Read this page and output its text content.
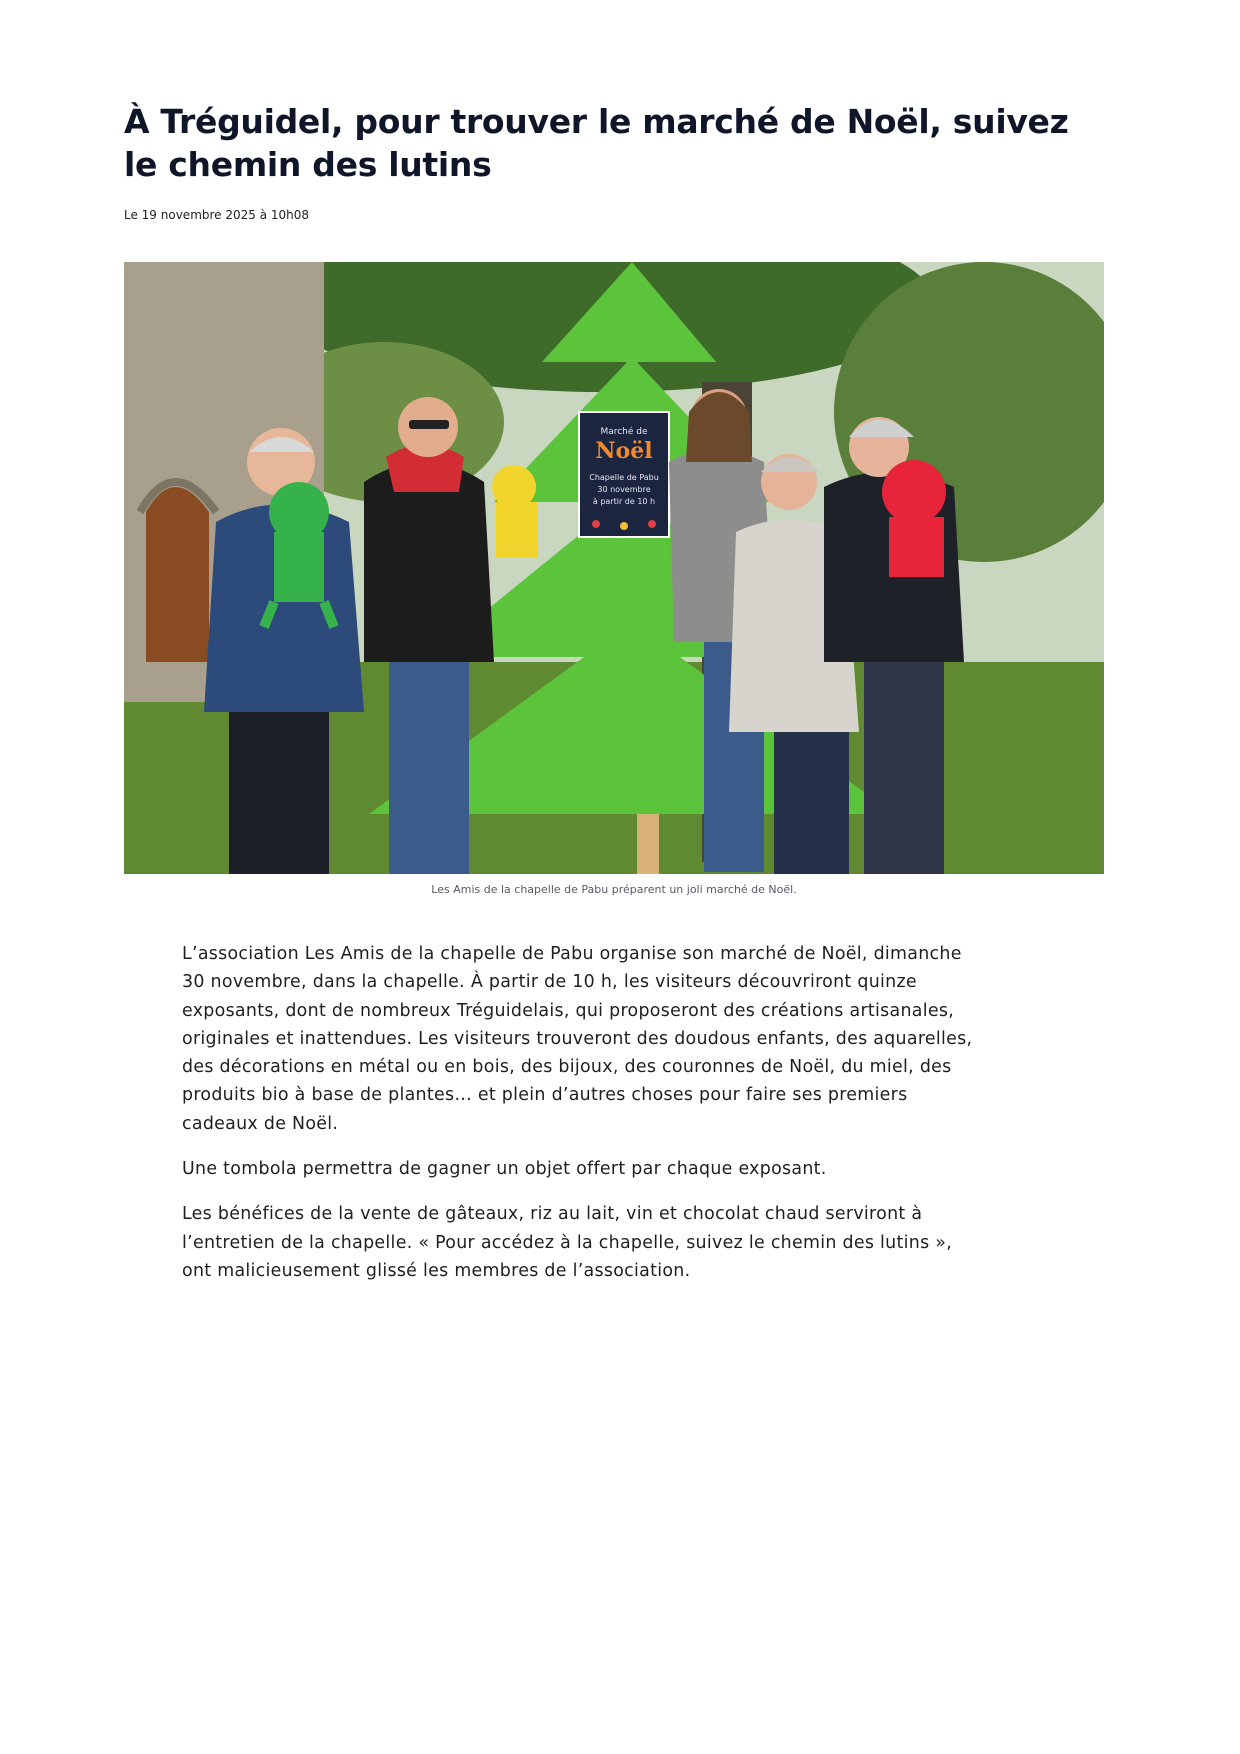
À Tréguidel, pour trouver le marché de Noël, suivez le chemin des lutins
Le 19 novembre 2025 à 10h08
Marché de
Noël
Chapelle de Pabu
30 novembre
à partir de 10 h
Les Amis de la chapelle de Pabu préparent un joli marché de Noël.

L’association Les Amis de la chapelle de Pabu organise son marché de Noël, dimanche 30 novembre, dans la chapelle. À partir de 10 h, les visiteurs découvriront quinze exposants, dont de nombreux Tréguidelais, qui proposeront des créations artisanales, originales et inattendues. Les visiteurs trouveront des doudous enfants, des aquarelles, des décorations en métal ou en bois, des bijoux, des couronnes de Noël, du miel, des produits bio à base de plantes… et plein d’autres choses pour faire ses premiers cadeaux de Noël.

Une tombola permettra de gagner un objet offert par chaque exposant.

Les bénéfices de la vente de gâteaux, riz au lait, vin et chocolat chaud serviront à l’entretien de la chapelle. « Pour accédez à la chapelle, suivez le chemin des lutins », ont malicieusement glissé les membres de l’association.
